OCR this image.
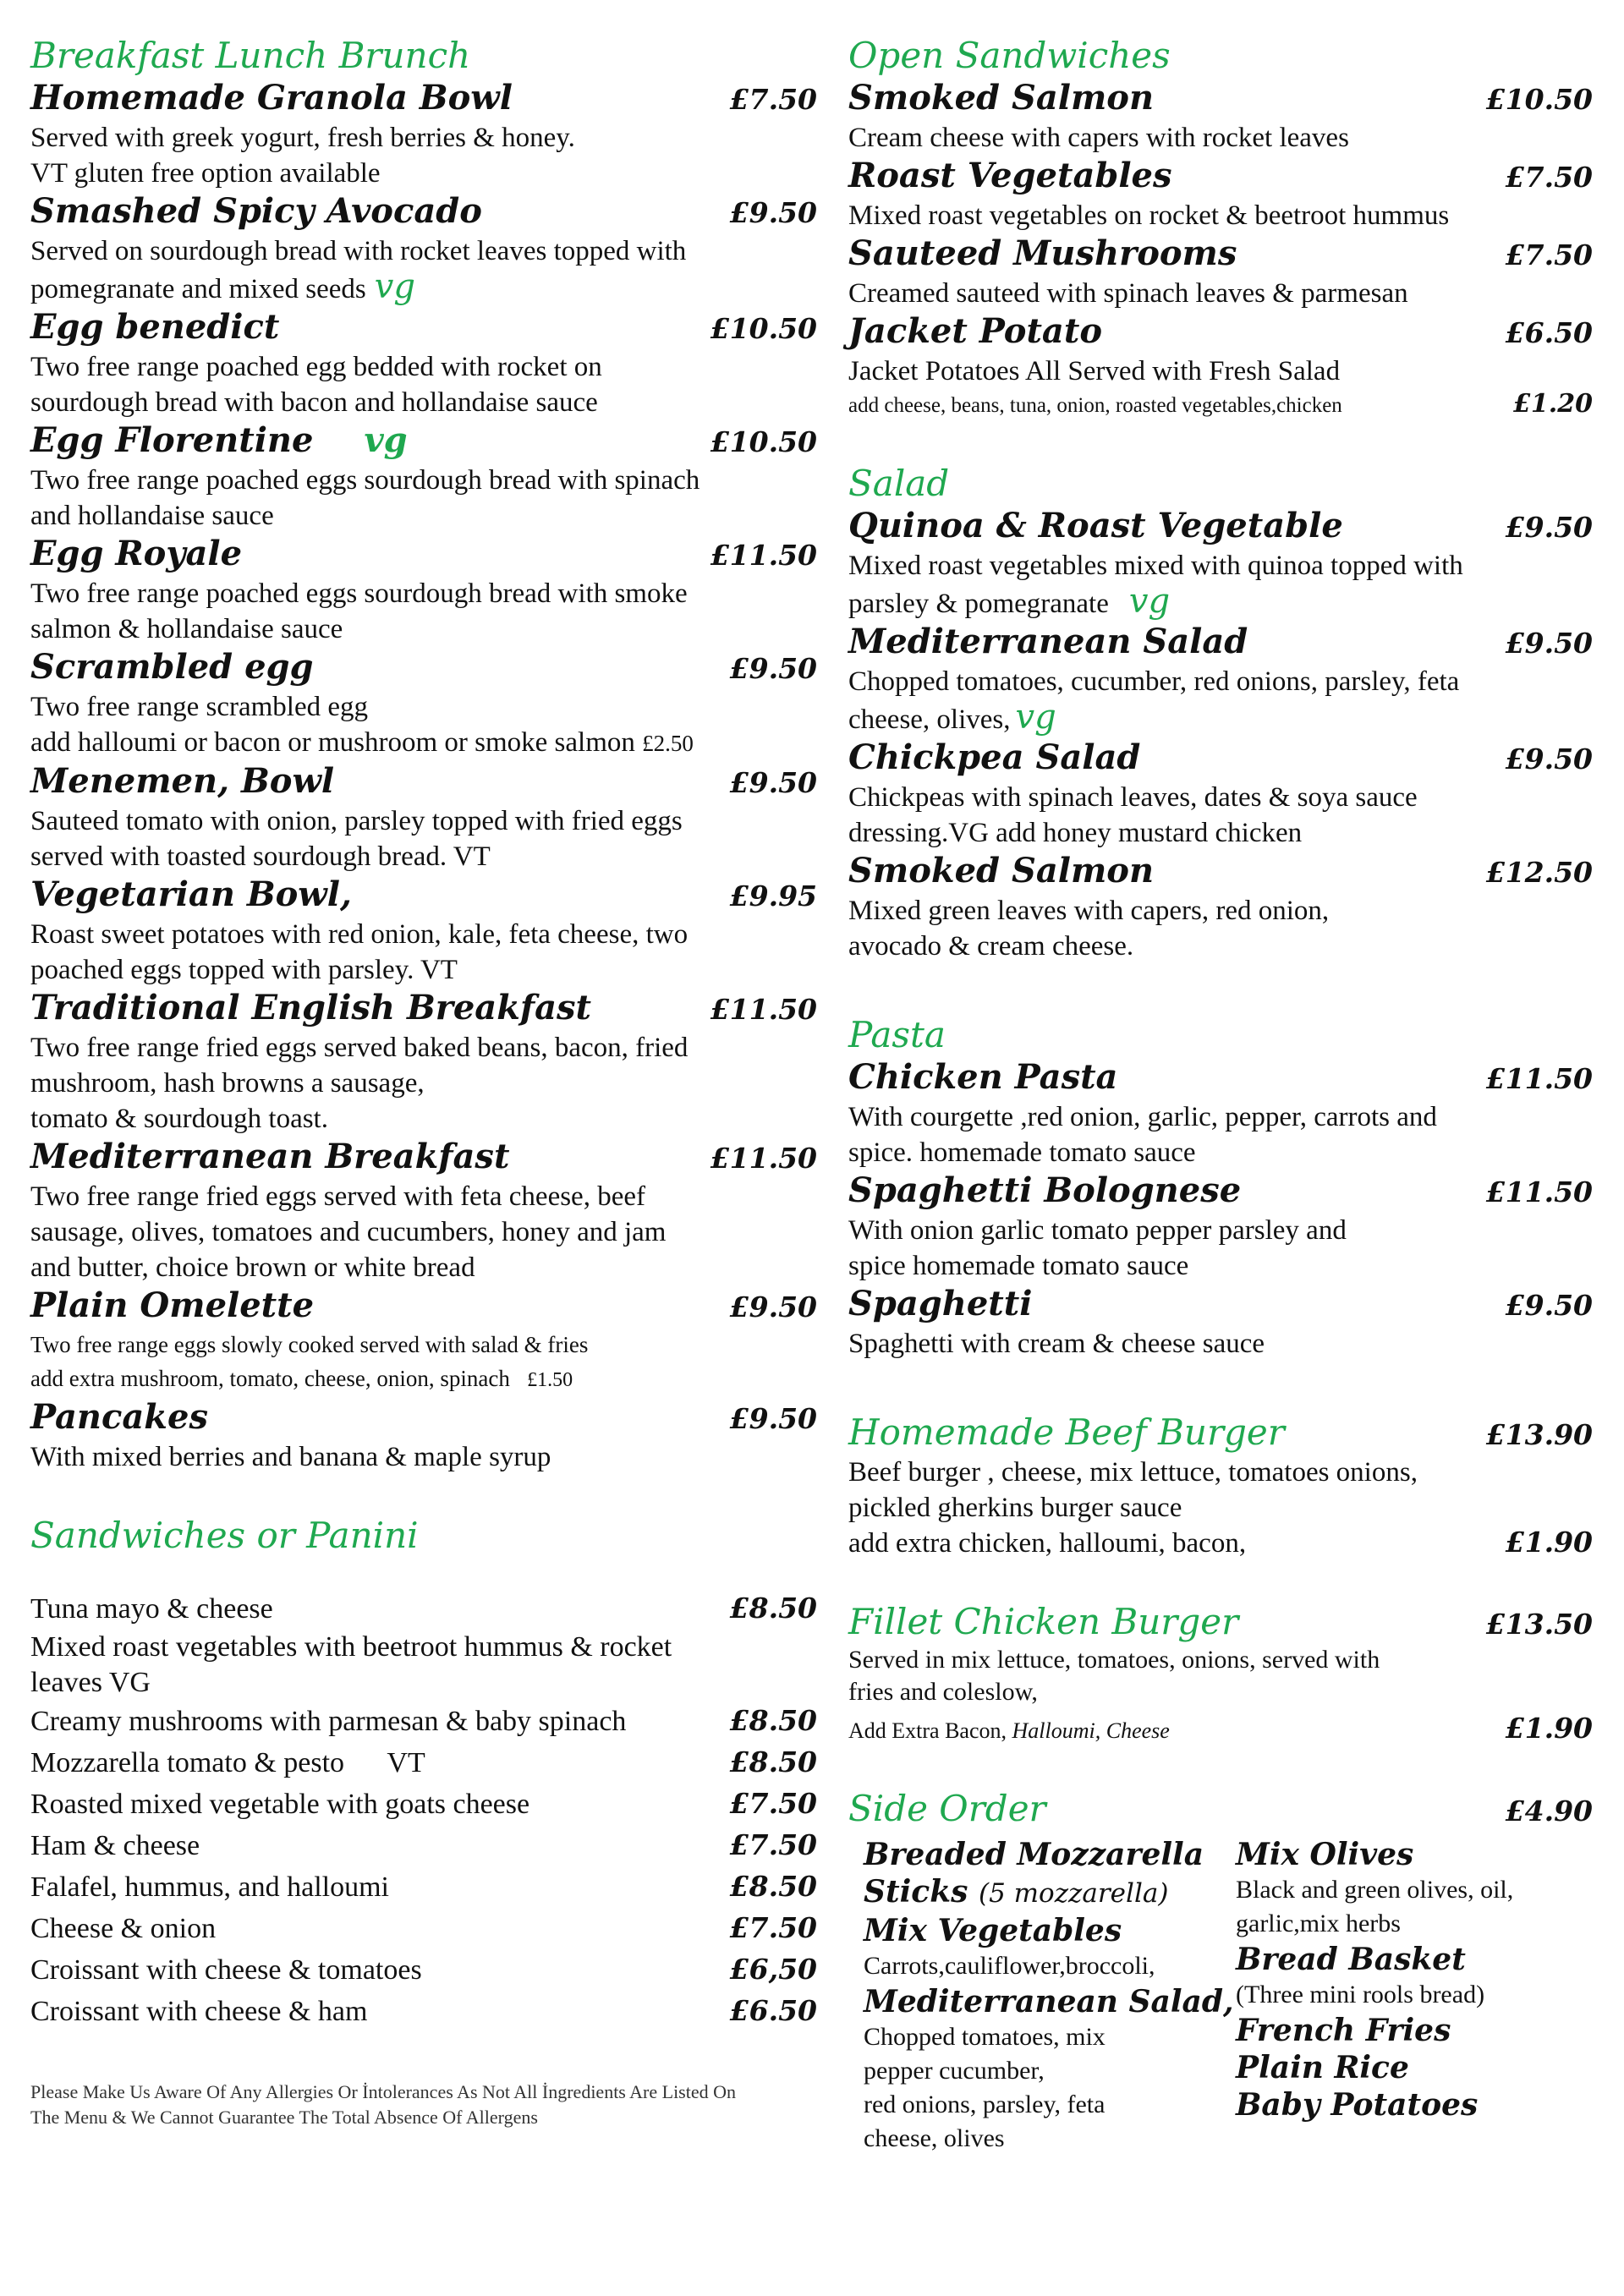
Breakfast Lunch Brunch
Homemade Granola Bowl	£7.50
Served with greek yogurt, fresh berries & honey.
VT gluten free option available
Smashed Spicy Avocado	£9.50
Served on sourdough bread with rocket leaves topped with
pomegranate and mixed seeds vg
Egg benedict	£10.50
Two free range poached egg bedded with rocket on
sourdough bread with bacon and hollandaise sauce
Egg Florentine vg	£10.50
Two free range poached eggs sourdough bread with spinach
and hollandaise sauce
Egg Royale	£11.50
Two free range poached eggs sourdough bread with smoke
salmon & hollandaise sauce
Scrambled egg	£9.50
Two free range scrambled egg
add halloumi or bacon or mushroom or smoke salmon £2.50
Menemen, Bowl	£9.50
Sauteed tomato with onion, parsley topped with fried eggs
served with toasted sourdough bread. VT
Vegetarian Bowl,	£9.95
Roast sweet potatoes with red onion, kale, feta cheese, two
poached eggs topped with parsley. VT
Traditional English Breakfast	£11.50
Two free range fried eggs served baked beans, bacon, fried
mushroom, hash browns a sausage,
tomato & sourdough toast.
Mediterranean Breakfast	£11.50
Two free range fried eggs served with feta cheese, beef
sausage, olives, tomatoes and cucumbers, honey and jam
and butter, choice brown or white bread
Plain Omelette	£9.50
Two free range eggs slowly cooked served with salad & fries
add extra mushroom, tomato, cheese, onion, spinach £1.50
Pancakes	£9.50
With mixed berries and banana & maple syrup
Sandwiches or Panini
Tuna mayo & cheese	£8.50
Mixed roast vegetables with beetroot hummus & rocket
leaves VG
Creamy mushrooms with parmesan & baby spinach	£8.50
Mozzarella tomato & pesto      VT	£8.50
Roasted mixed vegetable with goats cheese	£7.50
Ham & cheese	£7.50
Falafel, hummus, and halloumi	£8.50
Cheese & onion	£7.50
Croissant with cheese & tomatoes	£6,50
Croissant with cheese & ham	£6.50
Please Make Us Aware Of Any Allergies Or İntolerances As Not All İngredients Are Listed On
The Menu & We Cannot Guarantee The Total Absence Of Allergens
Open Sandwiches
Smoked Salmon	£10.50
Cream cheese with capers with rocket leaves
Roast Vegetables	£7.50
Mixed roast vegetables on rocket & beetroot hummus
Sauteed Mushrooms	£7.50
Creamed sauteed with spinach leaves & parmesan
Jacket Potato	£6.50
Jacket Potatoes All Served with Fresh Salad
add cheese, beans, tuna, onion, roasted vegetables,chicken	£1.20
Salad
Quinoa & Roast Vegetable	£9.50
Mixed roast vegetables mixed with quinoa topped with
parsley & pomegranate vg
Mediterranean Salad	£9.50
Chopped tomatoes, cucumber, red onions, parsley, feta
cheese, olives, vg
Chickpea Salad	£9.50
Chickpeas with spinach leaves, dates & soya sauce
dressing.VG add honey mustard chicken
Smoked Salmon	£12.50
Mixed green leaves with capers, red onion,
avocado & cream cheese.
Pasta
Chicken Pasta	£11.50
With courgette ,red onion, garlic, pepper, carrots and
spice. homemade tomato sauce
Spaghetti Bolognese	£11.50
With onion garlic tomato pepper parsley and
spice homemade tomato sauce
Spaghetti	£9.50
Spaghetti with cream & cheese sauce
Homemade Beef Burger	£13.90
Beef burger , cheese, mix lettuce, tomatoes onions,
pickled gherkins burger sauce
add extra chicken, halloumi, bacon,	£1.90
Fillet Chicken Burger	£13.50
Served in mix lettuce, tomatoes, onions, served with
fries and coleslow,
Add Extra Bacon, Halloumi, Cheese	£1.90
Side Order	£4.90
Breaded Mozzarella
Sticks (5 mozzarella)
Mix Vegetables
Carrots,cauliflower,broccoli,
Mediterranean Salad,
Chopped tomatoes, mix
pepper cucumber,
red onions, parsley, feta
cheese, olives
Mix Olives
Black and green olives, oil,
garlic,mix herbs
Bread Basket
(Three mini rools bread)
French Fries
Plain Rice
Baby Potatoes
